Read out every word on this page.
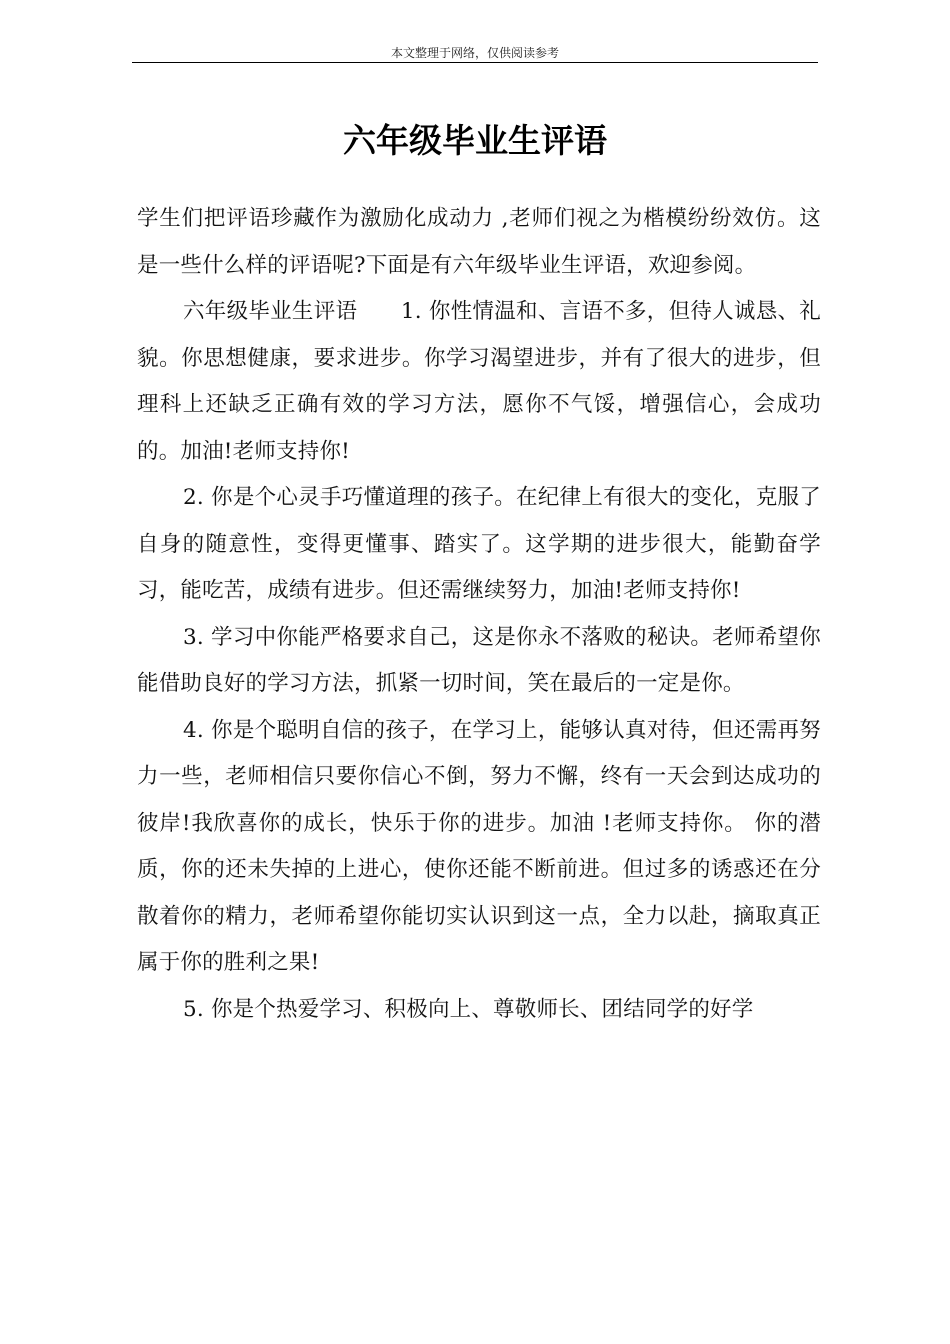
本文整理于网络，仅供阅读参考
六年级毕业生评语

学生们把评语珍藏作为激励化成动力 ,老师们视之为楷模纷纷效仿。这是一些什么样的评语呢?下面是有六年级毕业生评语，欢迎参阅。

六年级毕业生评语　　1. 你性情温和、言语不多，但待人诚恳、礼貌。你思想健康，要求进步。你学习渴望进步，并有了很大的进步，但理科上还缺乏正确有效的学习方法，愿你不气馁，增强信心，会成功的。加油!老师支持你!

2. 你是个心灵手巧懂道理的孩子。在纪律上有很大的变化，克服了自身的随意性，变得更懂事、踏实了。这学期的进步很大，能勤奋学习，能吃苦，成绩有进步。但还需继续努力，加油!老师支持你!

3. 学习中你能严格要求自己，这是你永不落败的秘诀。老师希望你能借助良好的学习方法，抓紧一切时间，笑在最后的一定是你。

4. 你是个聪明自信的孩子，在学习上，能够认真对待，但还需再努力一些，老师相信只要你信心不倒，努力不懈，终有一天会到达成功的彼岸!我欣喜你的成长，快乐于你的进步。加油 !老师支持你。 你的潜质，你的还未失掉的上进心，使你还能不断前进。但过多的诱惑还在分散着你的精力，老师希望你能切实认识到这一点，全力以赴，摘取真正属于你的胜利之果!

5. 你是个热爱学习、积极向上、尊敬师长、团结同学的好学
